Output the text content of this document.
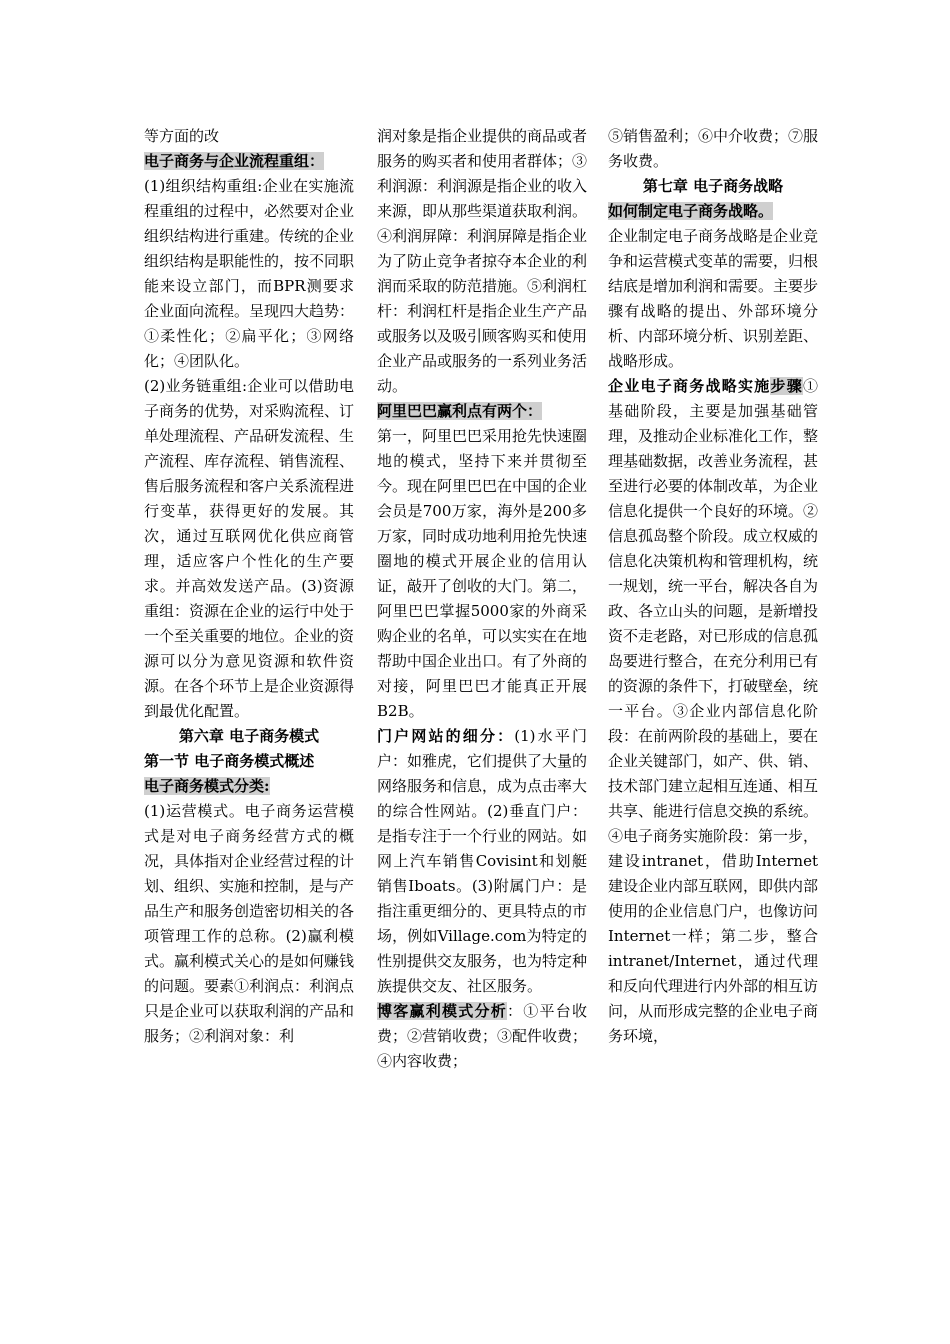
等方面的改

电子商务与企业流程重组：

(1)组织结构重组:企业在实施流程重组的过程中，必然要对企业组织结构进行重建。传统的企业组织结构是职能性的，按不同职能来设立部门，而BPR测要求企业面向流程。呈现四大趋势：①柔性化；②扁平化；③网络化；④团队化。

(2)业务链重组:企业可以借助电子商务的优势，对采购流程、订单处理流程、产品研发流程、生产流程、库存流程、销售流程、售后服务流程和客户关系流程进行变革，获得更好的发展。其次，通过互联网优化供应商管理，适应客户个性化的生产要求。并高效发送产品。(3)资源重组：资源在企业的运行中处于一个至关重要的地位。企业的资源可以分为意见资源和软件资源。在各个环节上是企业资源得到最优化配置。

第六章 电子商务模式

第一节 电子商务模式概述

电子商务模式分类:

(1)运营模式。电子商务运营模式是对电子商务经营方式的概况，具体指对企业经营过程的计划、组织、实施和控制，是与产品生产和服务创造密切相关的各项管理工作的总称。(2)赢利模式。赢利模式关心的是如何赚钱的问题。要素①利润点：利润点只是企业可以获取利润的产品和服务；②利润对象：利

润对象是指企业提供的商品或者服务的购买者和使用者群体；③利润源：利润源是指企业的收入来源，即从那些渠道获取利润。④利润屏障：利润屏障是指企业为了防止竞争者掠夺本企业的利润而采取的防范措施。⑤利润杠杆：利润杠杆是指企业生产产品或服务以及吸引顾客购买和使用企业产品或服务的一系列业务活动。

阿里巴巴赢利点有两个：

第一，阿里巴巴采用抢先快速圈地的模式，坚持下来并贯彻至今。现在阿里巴巴在中国的企业会员是700万家，海外是200多万家，同时成功地利用抢先快速圈地的模式开展企业的信用认证，敲开了创收的大门。第二，阿里巴巴掌握5000家的外商采购企业的名单，可以实实在在地帮助中国企业出口。有了外商的对接，阿里巴巴才能真正开展B2B。

门户网站的细分：(1)水平门户：如雅虎，它们提供了大量的网络服务和信息，成为点击率大的综合性网站。(2)垂直门户：是指专注于一个行业的网站。如网上汽车销售Covisint和划艇销售Iboats。(3)附属门户：是指注重更细分的、更具特点的市场，例如Village.com为特定的性别提供交友服务，也为特定种族提供交友、社区服务。

博客赢利模式分析：①平台收费；②营销收费；③配件收费；④内容收费；

⑤销售盈利；⑥中介收费；⑦服务收费。

第七章 电子商务战略

如何制定电子商务战略。

企业制定电子商务战略是企业竞争和运营模式变革的需要，归根结底是增加利润和需要。主要步骤有战略的提出、外部环境分析、内部环境分析、识别差距、战略形成。

企业电子商务战略实施步骤①基础阶段，主要是加强基础管理，及推动企业标准化工作，整理基础数据，改善业务流程，甚至进行必要的体制改革，为企业信息化提供一个良好的环境。②信息孤岛整个阶段。成立权威的信息化决策机构和管理机构，统一规划，统一平台，解决各自为政、各立山头的问题，是新增投资不走老路，对已形成的信息孤岛要进行整合，在充分利用已有的资源的条件下，打破壁垒，统一平台。③企业内部信息化阶段：在前两阶段的基础上，要在企业关键部门，如产、供、销、技术部门建立起相互连通、相互共享、能进行信息交换的系统。

④电子商务实施阶段：第一步，建设intranet，借助Internet建设企业内部互联网，即供内部使用的企业信息门户，也像访问Internet一样；第二步，整合intranet/Internet，通过代理和反向代理进行内外部的相互访问，从而形成完整的企业电子商务环境，
